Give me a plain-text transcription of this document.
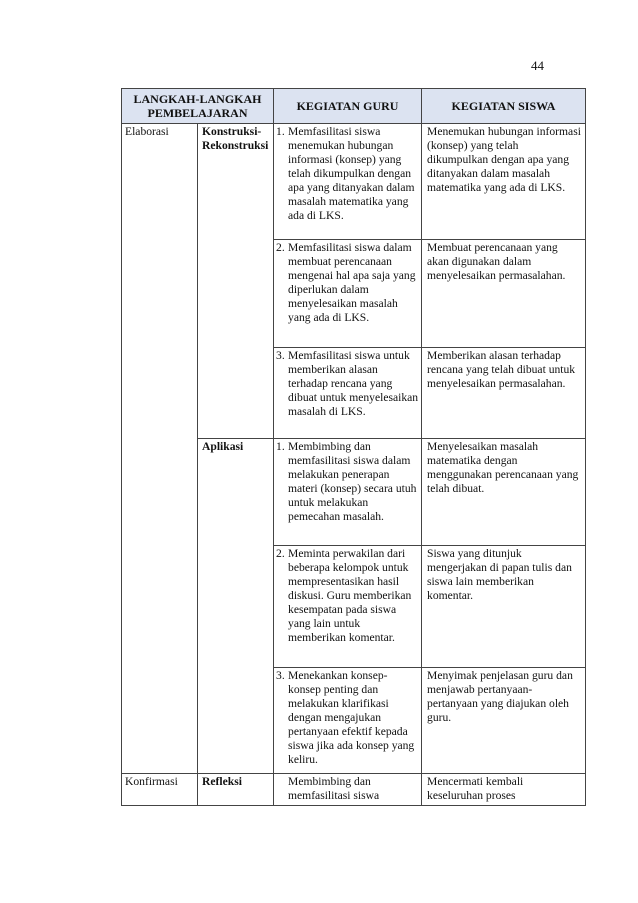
44
LANGKAH-LANGKAH PEMBELAJARAN		KEGIATAN GURU	KEGIATAN SISWA
Elaborasi	Konstruksi-Rekonstruksi	1. Memfasilitasi siswa menemukan hubungan informasi (konsep) yang telah dikumpulkan dengan apa yang ditanyakan dalam masalah matematika yang ada di LKS.	Menemukan hubungan informasi (konsep) yang telah dikumpulkan dengan apa yang ditanyakan dalam masalah matematika yang ada di LKS.

		2. Memfasilitasi siswa dalam membuat perencanaan mengenai hal apa saja yang diperlukan dalam menyelesaikan masalah yang ada di LKS.	Membuat perencanaan yang akan digunakan dalam menyelesaikan permasalahan.

		3. Memfasilitasi siswa untuk memberikan alasan terhadap rencana yang dibuat untuk menyelesaikan masalah di LKS.	Memberikan alasan terhadap rencana yang telah dibuat untuk menyelesaikan permasalahan.
	Aplikasi	1. Membimbing dan memfasilitasi siswa dalam melakukan penerapan materi (konsep) secara utuh untuk melakukan pemecahan masalah.	Menyelesaikan masalah matematika dengan menggunakan perencanaan yang telah dibuat.

		2. Meminta perwakilan dari beberapa kelompok untuk mempresentasikan hasil diskusi. Guru memberikan kesempatan pada siswa yang lain untuk memberikan komentar.	Siswa yang ditunjuk mengerjakan di papan tulis dan siswa lain memberikan komentar.

		3. Menekankan konsep-konsep penting dan melakukan klarifikasi dengan mengajukan pertanyaan efektif kepada siswa jika ada konsep yang keliru.	Menyimak penjelasan guru dan menjawab pertanyaan-pertanyaan yang diajukan oleh guru.
Konfirmasi	Refleksi	Membimbing dan memfasilitasi siswa	Mencermati kembali keseluruhan proses
